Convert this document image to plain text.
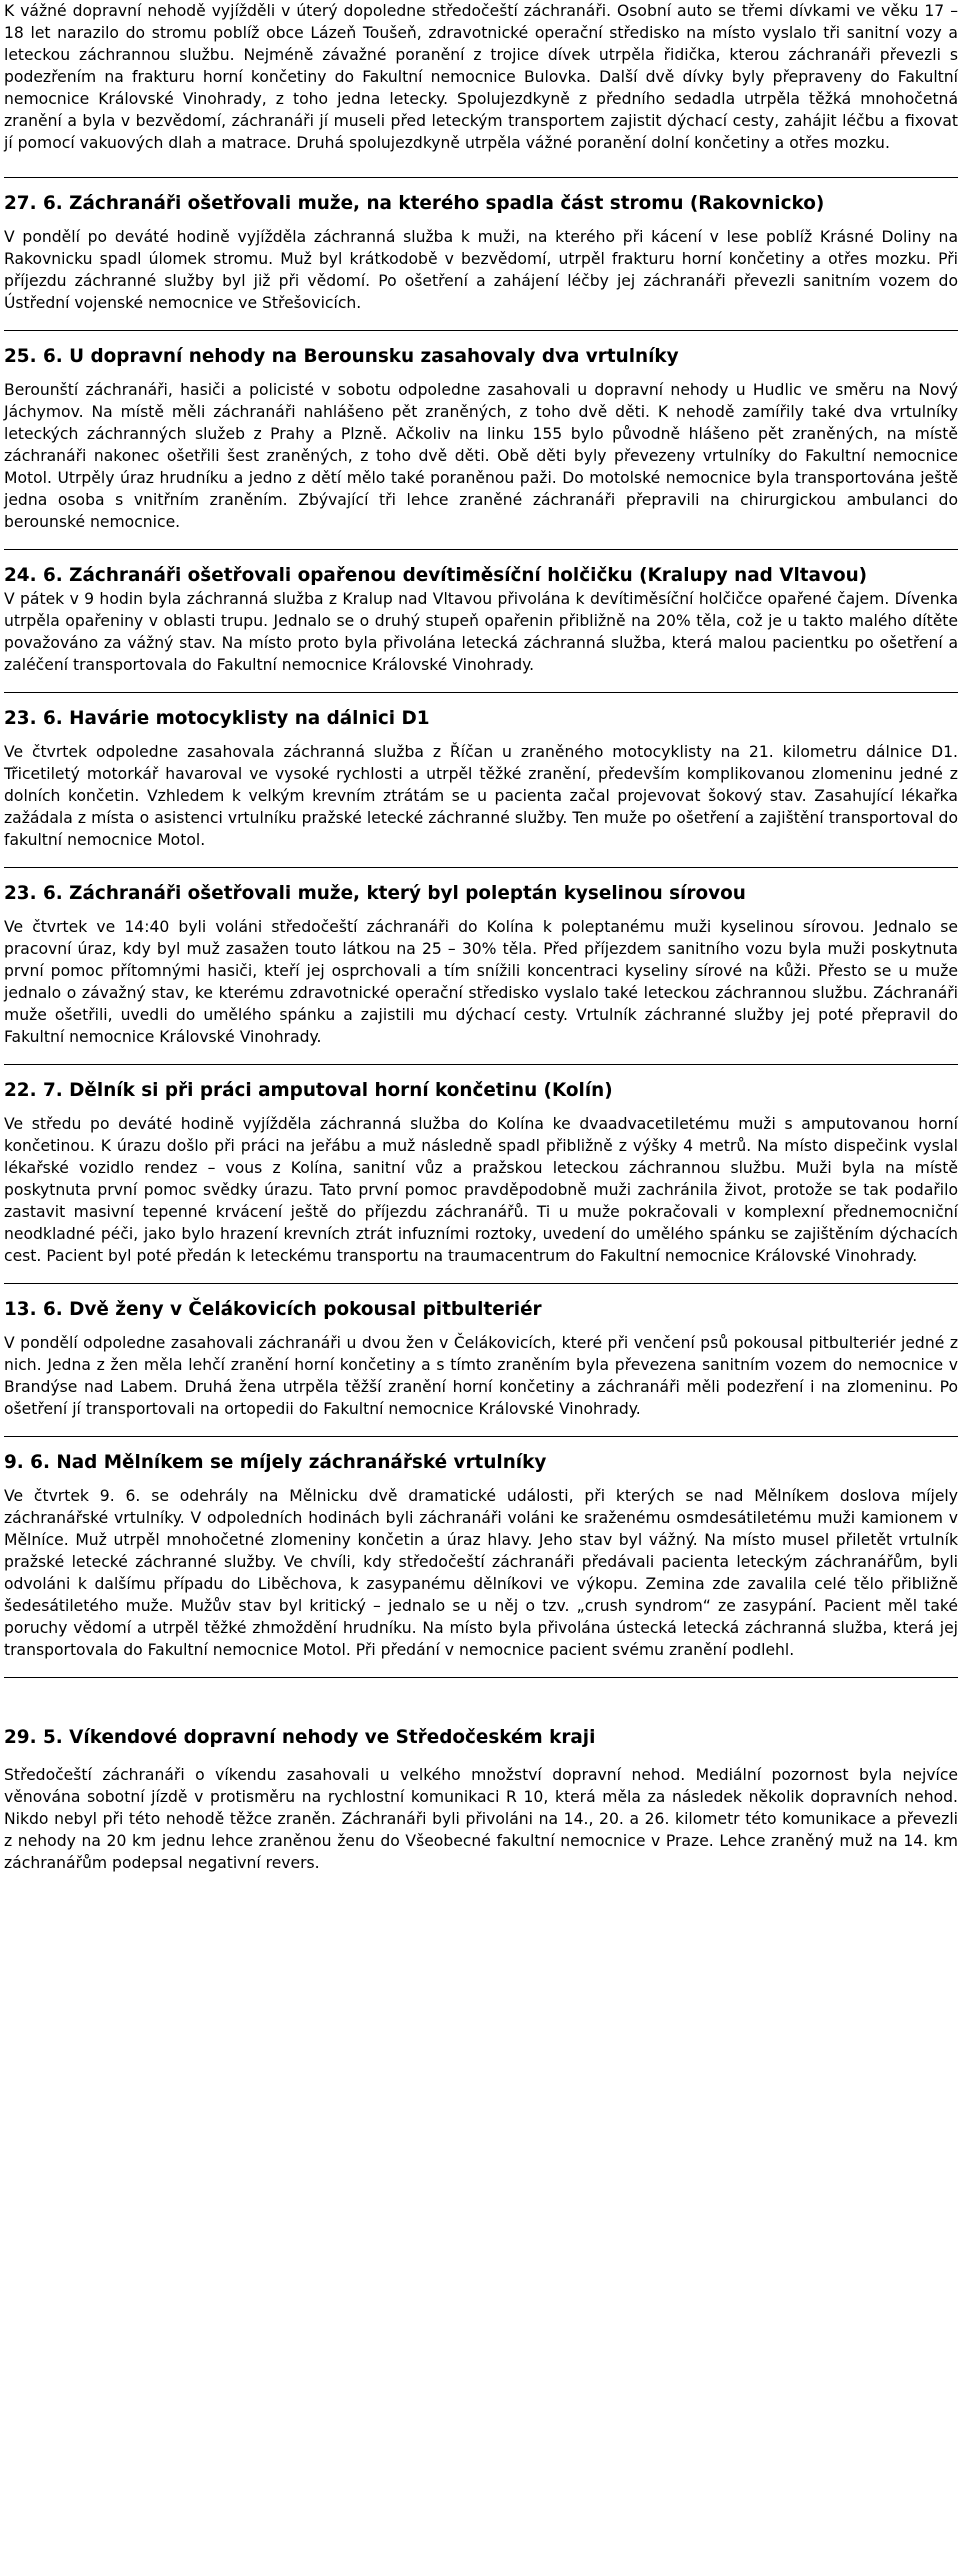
K vážné dopravní nehodě vyjížděli v úterý dopoledne středočeští záchranáři. Osobní auto se třemi dívkami ve věku 17 – 18 let narazilo do stromu poblíž obce Lázeň Toušeň, zdravotnické operační středisko na místo vyslalo tři sanitní vozy a leteckou záchrannou službu. Nejméně závažné poranění z trojice dívek utrpěla řidička, kterou záchranáři převezli s podezřením na frakturu horní končetiny do Fakultní nemocnice Bulovka. Další dvě dívky byly přepraveny do Fakultní nemocnice Královské Vinohrady, z toho jedna letecky. Spolujezdkyně z předního sedadla utrpěla těžká mnohočetná zranění a byla v bezvědomí, záchranáři jí museli před leteckým transportem zajistit dýchací cesty, zahájit léčbu a fixovat jí pomocí vakuových dlah a matrace. Druhá spolujezdkyně utrpěla vážné poranění dolní končetiny a otřes mozku.

27. 6. Záchranáři ošetřovali muže, na kterého spadla část stromu (Rakovnicko)

V pondělí po deváté hodině vyjížděla záchranná služba k muži, na kterého při kácení v lese poblíž Krásné Doliny na Rakovnicku spadl úlomek stromu. Muž byl krátkodobě v bezvědomí, utrpěl frakturu horní končetiny a otřes mozku. Při příjezdu záchranné služby byl již při vědomí. Po ošetření a zahájení léčby jej záchranáři převezli sanitním vozem do Ústřední vojenské nemocnice ve Střešovicích.

25. 6. U dopravní nehody na Berounsku zasahovaly dva vrtulníky

Berounští záchranáři, hasiči a policisté v sobotu odpoledne zasahovali u dopravní nehody u Hudlic ve směru na Nový Jáchymov. Na místě měli záchranáři nahlášeno pět zraněných, z toho dvě děti. K nehodě zamířily také dva vrtulníky leteckých záchranných služeb z Prahy a Plzně. Ačkoliv na linku 155 bylo původně hlášeno pět zraněných, na místě záchranáři nakonec ošetřili šest zraněných, z toho dvě děti. Obě děti byly převezeny vrtulníky do Fakultní nemocnice Motol. Utrpěly úraz hrudníku a jedno z dětí mělo také poraněnou paži. Do motolské nemocnice byla transportována ještě jedna osoba s vnitřním zraněním. Zbývající tři lehce zraněné záchranáři přepravili na chirurgickou ambulanci do berounské nemocnice.

24. 6. Záchranáři ošetřovali opařenou devítiměsíční holčičku (Kralupy nad Vltavou)

V pátek v 9 hodin byla záchranná služba z Kralup nad Vltavou přivolána k devítiměsíční holčičce opařené čajem. Dívenka utrpěla opařeniny v oblasti trupu. Jednalo se o druhý stupeň opařenin přibližně na 20% těla, což je u takto malého dítěte považováno za vážný stav. Na místo proto byla přivolána letecká záchranná služba, která malou pacientku po ošetření a zaléčení transportovala do Fakultní nemocnice Královské Vinohrady.

23. 6. Havárie motocyklisty na dálnici D1

Ve čtvrtek odpoledne zasahovala záchranná služba z Říčan u zraněného motocyklisty na 21. kilometru dálnice D1. Třicetiletý motorkář havaroval ve vysoké rychlosti a utrpěl těžké zranění, především komplikovanou zlomeninu jedné z dolních končetin. Vzhledem k velkým krevním ztrátám se u pacienta začal projevovat šokový stav. Zasahující lékařka zažádala z místa o asistenci vrtulníku pražské letecké záchranné služby. Ten muže po ošetření a zajištění transportoval do fakultní nemocnice Motol.

23. 6. Záchranáři ošetřovali muže, který byl poleptán kyselinou sírovou

Ve čtvrtek ve 14:40 byli voláni středočeští záchranáři do Kolína k poleptanému muži kyselinou sírovou. Jednalo se pracovní úraz, kdy byl muž zasažen touto látkou na 25 – 30% těla. Před příjezdem sanitního vozu byla muži poskytnuta první pomoc přítomnými hasiči, kteří jej osprchovali a tím snížili koncentraci kyseliny sírové na kůži. Přesto se u muže jednalo o závažný stav, ke kterému zdravotnické operační středisko vyslalo také leteckou záchrannou službu. Záchranáři muže ošetřili, uvedli do umělého spánku a zajistili mu dýchací cesty. Vrtulník záchranné služby jej poté přepravil do Fakultní nemocnice Královské Vinohrady.

22. 7. Dělník si při práci amputoval horní končetinu (Kolín)

Ve středu po deváté hodině vyjížděla záchranná služba do Kolína ke dvaadvacetiletému muži s amputovanou horní končetinou. K úrazu došlo při práci na jeřábu a muž následně spadl přibližně z výšky 4 metrů. Na místo dispečink vyslal lékařské vozidlo rendez – vous z Kolína, sanitní vůz a pražskou leteckou záchrannou službu. Muži byla na místě poskytnuta první pomoc svědky úrazu. Tato první pomoc pravděpodobně muži zachránila život, protože se tak podařilo zastavit masivní tepenné krvácení ještě do příjezdu záchranářů. Ti u muže pokračovali v komplexní přednemocniční neodkladné péči, jako bylo hrazení krevních ztrát infuzními roztoky, uvedení do umělého spánku se zajištěním dýchacích cest. Pacient byl poté předán k leteckému transportu na traumacentrum do Fakultní nemocnice Královské Vinohrady.

13. 6. Dvě ženy v Čelákovicích pokousal pitbulteriér

V pondělí odpoledne zasahovali záchranáři u dvou žen v Čelákovicích, které při venčení psů pokousal pitbulteriér jedné z nich. Jedna z žen měla lehčí zranění horní končetiny a s tímto zraněním byla převezena sanitním vozem do nemocnice v Brandýse nad Labem. Druhá žena utrpěla těžší zranění horní končetiny a záchranáři měli podezření i na zlomeninu. Po ošetření jí transportovali na ortopedii do Fakultní nemocnice Královské Vinohrady.

9. 6. Nad Mělníkem se míjely záchranářské vrtulníky

Ve čtvrtek 9. 6. se odehrály na Mělnicku dvě dramatické události, při kterých se nad Mělníkem doslova míjely záchranářské vrtulníky. V odpoledních hodinách byli záchranáři voláni ke sraženému osmdesátiletému muži kamionem v Mělníce. Muž utrpěl mnohočetné zlomeniny končetin a úraz hlavy. Jeho stav byl vážný. Na místo musel přiletět vrtulník pražské letecké záchranné služby. Ve chvíli, kdy středočeští záchranáři předávali pacienta leteckým záchranářům, byli odvoláni k dalšímu případu do Liběchova, k zasypanému dělníkovi ve výkopu. Zemina zde zavalila celé tělo přibližně šedesátiletého muže. Mužův stav byl kritický – jednalo se u něj o tzv. „crush syndrom“ ze zasypání. Pacient měl také poruchy vědomí a utrpěl těžké zhmoždění hrudníku. Na místo byla přivolána ústecká letecká záchranná služba, která jej transportovala do Fakultní nemocnice Motol. Při předání v nemocnice pacient svému zranění podlehl.

29. 5. Víkendové dopravní nehody ve Středočeském kraji

Středočeští záchranáři o víkendu zasahovali u velkého množství dopravní nehod. Mediální pozornost byla nejvíce věnována sobotní jízdě v protisměru na rychlostní komunikaci R 10, která měla za následek několik dopravních nehod. Nikdo nebyl při této nehodě těžce zraněn. Záchranáři byli přivoláni na 14., 20. a 26. kilometr této komunikace a převezli z nehody na 20 km jednu lehce zraněnou ženu do Všeobecné fakultní nemocnice v Praze. Lehce zraněný muž na 14. km záchranářům podepsal negativní revers.
